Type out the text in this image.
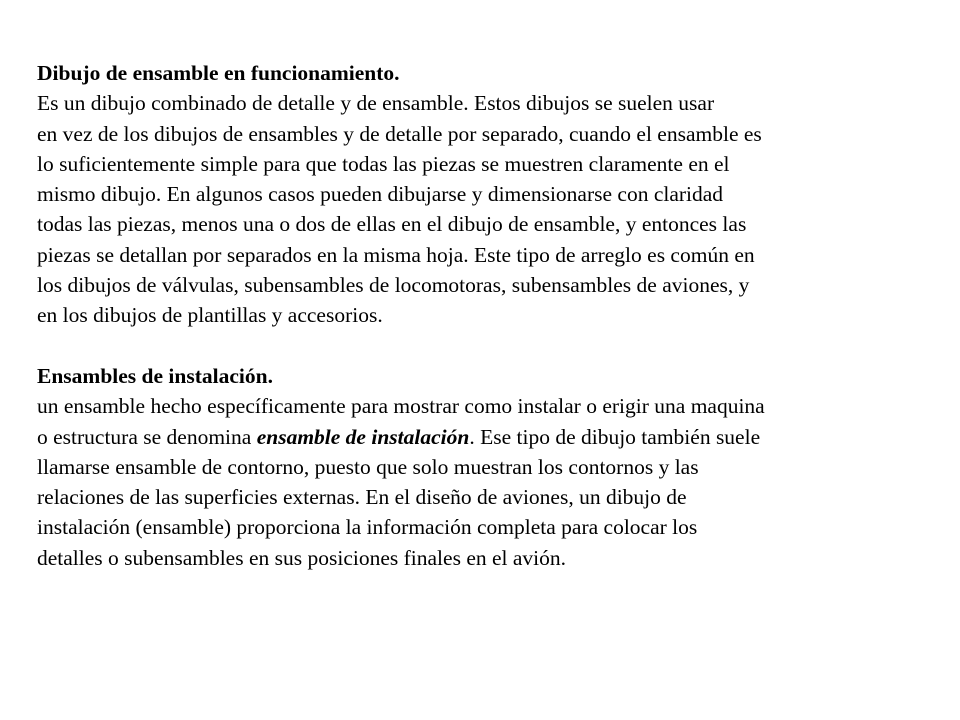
Dibujo de ensamble en funcionamiento.
Es un dibujo combinado de detalle y de ensamble. Estos dibujos se suelen usar
en vez de los dibujos de ensambles y de detalle por separado, cuando el ensamble es
lo suficientemente simple para que todas las piezas se muestren claramente en el
mismo dibujo. En algunos casos pueden dibujarse y dimensionarse con claridad
todas las piezas, menos una o dos de ellas en el dibujo de ensamble, y entonces las
piezas se detallan por separados en la misma hoja. Este tipo de arreglo es común en
los dibujos de válvulas, subensambles de locomotoras, subensambles de aviones, y
en los dibujos de plantillas y accesorios.
Ensambles de instalación.
un ensamble hecho específicamente para mostrar como instalar o erigir una maquina
o estructura se denomina ensamble de instalación. Ese tipo de dibujo también suele
llamarse ensamble de contorno, puesto que solo muestran los contornos y las
relaciones de las superficies externas. En el diseño de aviones, un dibujo de
instalación (ensamble) proporciona la información completa para colocar los
detalles o subensambles en sus posiciones finales en el avión.
